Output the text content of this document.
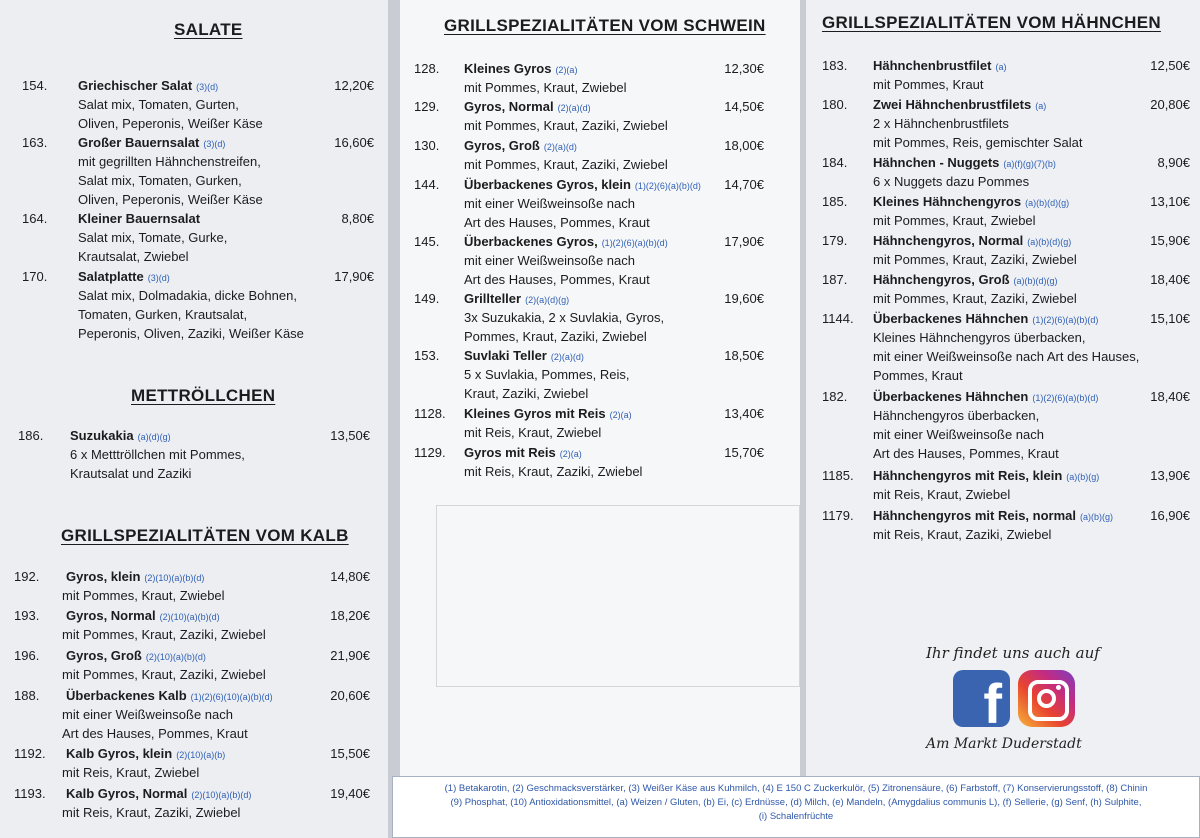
SALATE
154. Griechischer Salat (3)(d)	12,20€
Salat mix, Tomaten, Gurten,
Oliven, Peperonis, Weißer Käse
163. Großer Bauernsalat (3)(d)	16,60€
mit gegrillten Hähnchenstreifen,
Salat mix, Tomaten, Gurken,
Oliven, Peperonis, Weißer Käse
164. Kleiner Bauernsalat	8,80€
Salat mix, Tomate, Gurke,
Krautsalat, Zwiebel
170. Salatplatte (3)(d)	17,90€
Salat mix, Dolmadakia, dicke Bohnen,
Tomaten, Gurken, Krautsalat,
Peperonis, Oliven, Zaziki, Weißer Käse
METTRÖLLCHEN
186. Suzukakia (a)(d)(g)	13,50€
6 x Metttröllchen mit Pommes,
Krautsalat und Zaziki
GRILLSPEZIALITÄTEN VOM KALB
192. Gyros, klein (2)(10)(a)(b)(d)	14,80€
mit Pommes, Kraut, Zwiebel
193. Gyros, Normal (2)(10)(a)(b)(d)	18,20€
mit Pommes, Kraut, Zaziki, Zwiebel
196. Gyros, Groß (2)(10)(a)(b)(d)	21,90€
mit Pommes, Kraut, Zaziki, Zwiebel
188. Überbackenes Kalb (1)(2)(6)(10)(a)(b)(d)	20,60€
mit einer Weißweinsoße nach
Art des Hauses, Pommes, Kraut
1192. Kalb Gyros, klein (2)(10)(a)(b)	15,50€
mit Reis, Kraut, Zwiebel
1193. Kalb Gyros, Normal (2)(10)(a)(b)(d)	19,40€
mit Reis, Kraut, Zaziki, Zwiebel
GRILLSPEZIALITÄTEN VOM SCHWEIN
128. Kleines Gyros (2)(a)	12,30€
mit Pommes, Kraut, Zwiebel
129. Gyros, Normal (2)(a)(d)	14,50€
mit Pommes, Kraut, Zaziki, Zwiebel
130. Gyros, Groß (2)(a)(d)	18,00€
mit Pommes, Kraut, Zaziki, Zwiebel
144. Überbackenes Gyros, klein (1)(2)(6)(a)(b)(d) 14,70€
mit einer Weißweinsoße nach
Art des Hauses, Pommes, Kraut
145. Überbackenes Gyros, (1)(2)(6)(a)(b)(d)	17,90€
mit einer Weißweinsoße nach
Art des Hauses, Pommes, Kraut
149. Grillteller (2)(a)(d)(g)	19,60€
3x Suzukakia, 2 x Suvlakia, Gyros,
Pommes, Kraut, Zaziki, Zwiebel
153. Suvlaki Teller (2)(a)(d)	18,50€
5 x Suvlakia, Pommes, Reis,
Kraut, Zaziki, Zwiebel
1128. Kleines Gyros mit Reis (2)(a)	13,40€
mit Reis, Kraut, Zwiebel
1129. Gyros mit Reis (2)(a)	15,70€
mit Reis, Kraut, Zaziki, Zwiebel
GRILLSPEZIALITÄTEN VOM HÄHNCHEN
183. Hähnchenbrustfilet (a)	12,50€
mit Pommes, Kraut
180. Zwei Hähnchenbrustfilets (a)	20,80€
2 x Hähnchenbrustfilets
mit Pommes, Reis, gemischter Salat
184. Hähnchen - Nuggets (a)(f)(g)(7)(b)	8,90€
6 x Nuggets dazu Pommes
185. Kleines Hähnchengyros (a)(b)(d)(g)	13,10€
mit Pommes, Kraut, Zwiebel
179. Hähnchengyros, Normal (a)(b)(d)(g)	15,90€
mit Pommes, Kraut, Zaziki, Zwiebel
187. Hähnchengyros, Groß (a)(b)(d)(g)	18,40€
mit Pommes, Kraut, Zaziki, Zwiebel
1144. Überbackenes Hähnchen (1)(2)(6)(a)(b)(d)	15,10€
Kleines Hähnchengyros überbacken,
mit einer Weißweinsoße nach Art des Hauses,
Pommes, Kraut
182. Überbackenes Hähnchen (1)(2)(6)(a)(b)(d)	18,40€
Hähnchengyros überbacken,
mit einer Weißweinsoße nach
Art des Hauses, Pommes, Kraut
1185. Hähnchengyros mit Reis, klein (a)(b)(g)	13,90€
mit Reis, Kraut, Zwiebel
1179. Hähnchengyros mit Reis, normal (a)(b)(g)	16,90€
mit Reis, Kraut, Zaziki, Zwiebel
Ihr findet uns auch auf
f
Am Markt Duderstadt
(1) Betakarotin, (2) Geschmacksverstärker, (3) Weißer Käse aus Kuhmilch, (4) E 150 C Zuckerkulör, (5) Zitronensäure, (6) Farbstoff, (7) Konservierungsstoff, (8) Chinin
(9) Phosphat, (10) Antioxidationsmittel, (a) Weizen / Gluten, (b) Ei, (c) Erdnüsse, (d) Milch, (e) Mandeln, (Amygdalius communis L), (f) Sellerie, (g) Senf, (h) Sulphite,
(i) Schalenfrüchte
